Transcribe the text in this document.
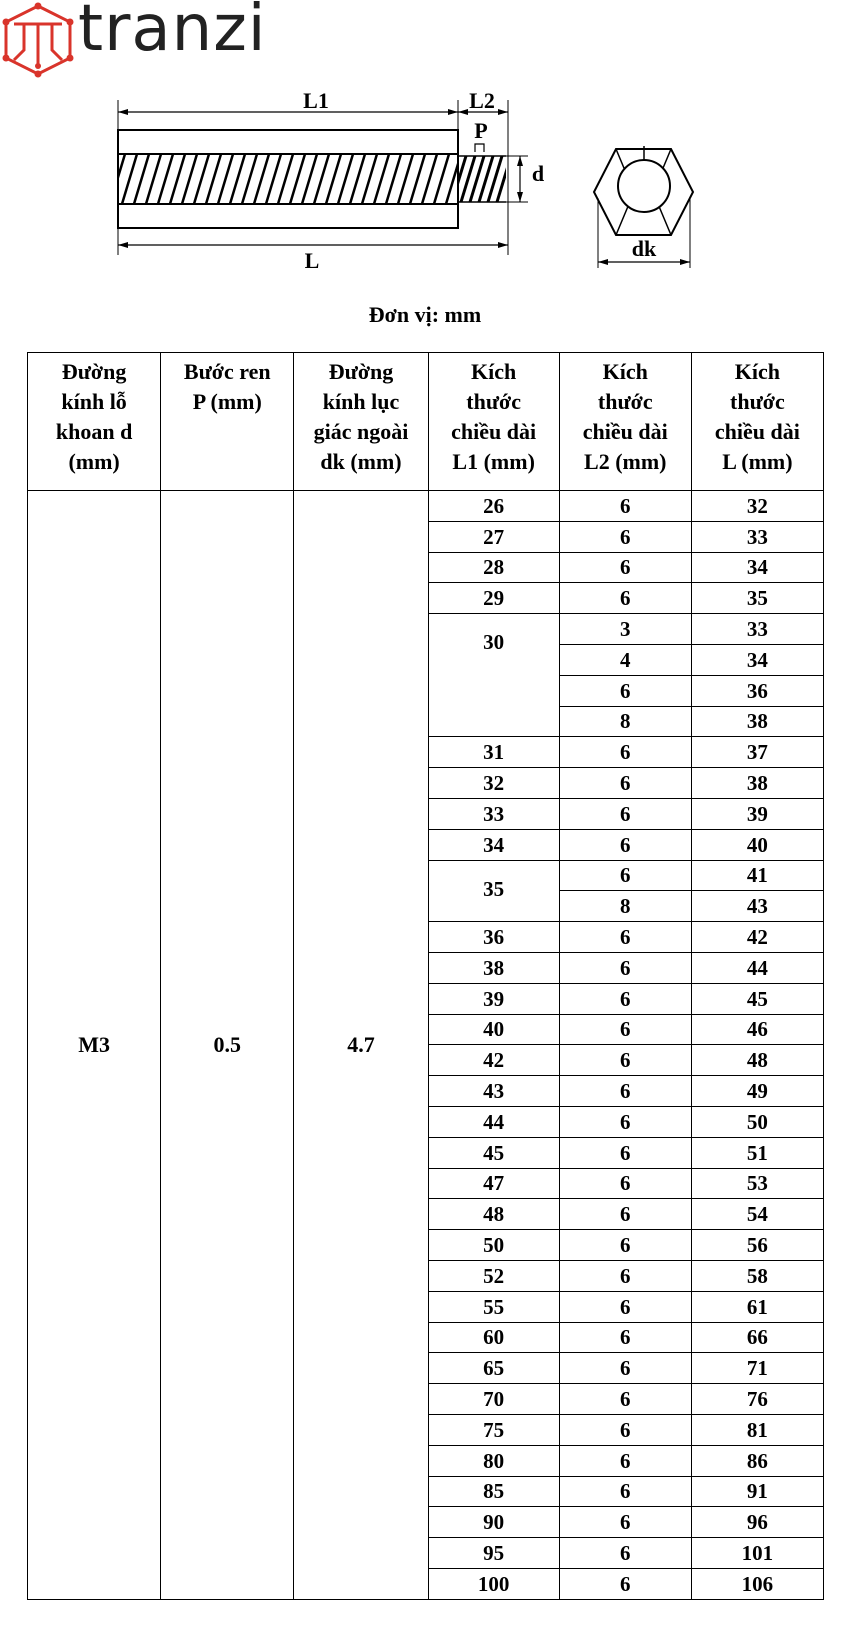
tranzi
L1	L2
P
d
L	dk
Đơn vị: mm
Đường
kính lỗ
khoan d
(mm)	Bước ren
P (mm)	Đường
kính lục
giác ngoài
dk (mm)	Kích
thước
chiều dài
L1 (mm)	Kích
thước
chiều dài
L2 (mm)	Kích
thước
chiều dài
L (mm)
M3	0.5	4.7	26	6	32
			27	6	33
			28	6	34
			29	6	35
			30	3	33
				4	34
				6	36
				8	38
			31	6	37
			32	6	38
			33	6	39
			34	6	40
			35	6	41
				8	43
			36	6	42
			38	6	44
			39	6	45
			40	6	46
			42	6	48
			43	6	49
			44	6	50
			45	6	51
			47	6	53
			48	6	54
			50	6	56
			52	6	58
			55	6	61
			60	6	66
			65	6	71
			70	6	76
			75	6	81
			80	6	86
			85	6	91
			90	6	96
			95	6	101
			100	6	106
